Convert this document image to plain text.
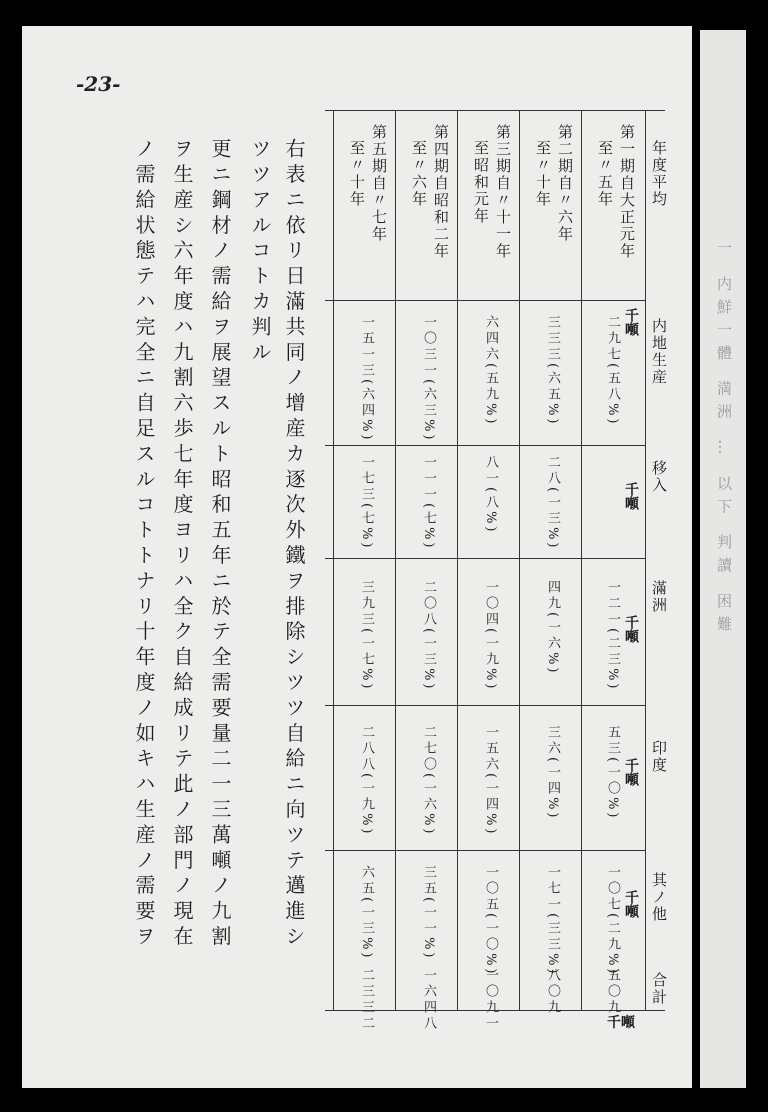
一 内鮮一體 満洲 … 以下 判讀 困難
-23-
右表ニ依リ日滿共同ノ增産カ逐次外鐵ヲ排除シツツ自給ニ向ツテ邁進シ
ツツアルコトカ判ル
更ニ鋼材ノ需給ヲ展望スルト昭和五年ニ於テ全需要量二一三萬噸ノ九割
ヲ生産シ六年度ハ九割六歩七年度ヨリハ全ク自給成リテ此ノ部門ノ現在
ノ需給状態テハ完全ニ自足スルコトトナリ十年度ノ如キハ生産ノ需要ヲ	年度平均
内地生産
移入
滿洲
印度
其ノ他
合計
第一期自大正元年
至〃五年
第二期自〃六年
至〃十年
第三期自〃十一年
至昭和元年
第四期自昭和二年
至〃六年
第五期自〃七年
至〃十年
千噸
千噸
千噸
千噸
千噸
二九七(五八%)
一二一(二三%)
五三(一〇%)
一〇七(二九%)
五〇九
三三三(六五%)
二八(一三%)
四九(一六%)
三六(一四%)
一七一(三三%)
八〇九
六四六(五九%)
八一(八%)
一〇四(一九%)
一五六(一四%)
一〇五(一〇%)
一〇九一
一〇三一(六三%)
一一一(七%)
二〇八(一三%)
二七〇(一六%)
三五(一一%)
一六四八
一五一三(六四%)
一七三(七%)
三九三(一七%)
二八八(一九%)
六五(一三%)
二三三二	千噸
